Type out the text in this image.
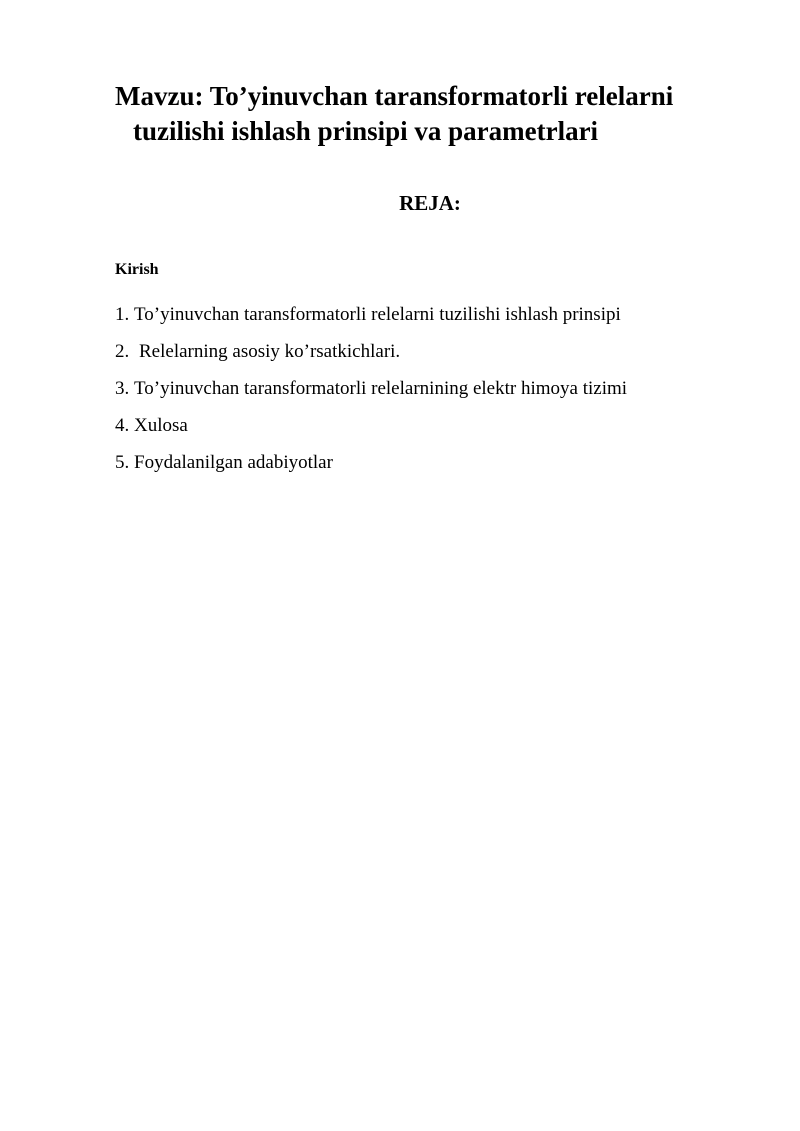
Mavzu: To’yinuvchan taransformatorli relelarni
tuzilishi ishlash prinsipi va parametrlari
REJA:

Kirish

1. To’yinuvchan taransformatorli relelarni tuzilishi ishlash prinsipi
2. Relelarning asosiy ko’rsatkichlari.
3. To’yinuvchan taransformatorli relelarnining elektr himoya tizimi
4. Xulosa
5. Foydalanilgan adabiyotlar
